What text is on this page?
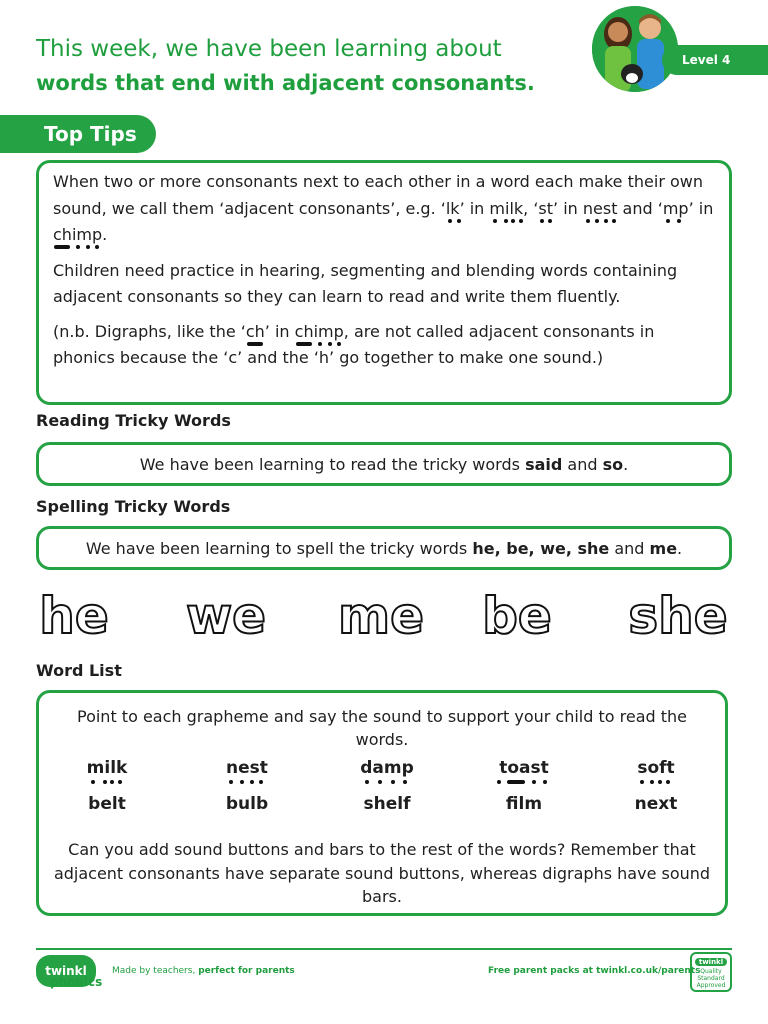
This week, we have been learning about
words that end with adjacent consonants.
Level 4
Top Tips

When two or more consonants next to each other in a word each make their own sound, we call them ‘adjacent consonants’, e.g. ‘lk
’ in milk
, ‘st
’ in nest
and ‘mp
’ in chimp
.

Children need practice in hearing, segmenting and blending words containing adjacent consonants so they can learn to read and write them fluently.

(n.b. Digraphs, like the ‘ch
’ in chimp
, are not called adjacent consonants in phonics because the ‘c’ and the ‘h’ go together to make one sound.)

Reading Tricky Words
We have been learning to read the tricky words said and so.
Spelling Tricky Words
We have been learning to spell the tricky words he, be, we, she and me.
he we me be she
Word List
Point to each grapheme and say the sound to support your child to read the words.
milk	nest	damp	toast	soft
belt	bulb	shelf	film	next
Can you add sound buttons and bars to the rest of the words? Remember that adjacent consonants have separate sound buttons, whereas digraphs have sound bars.
twinkl
phonics
Made by teachers, perfect for parents	Free parent packs at twinkl.co.uk/parents
twinkl
Quality Standard Approved
